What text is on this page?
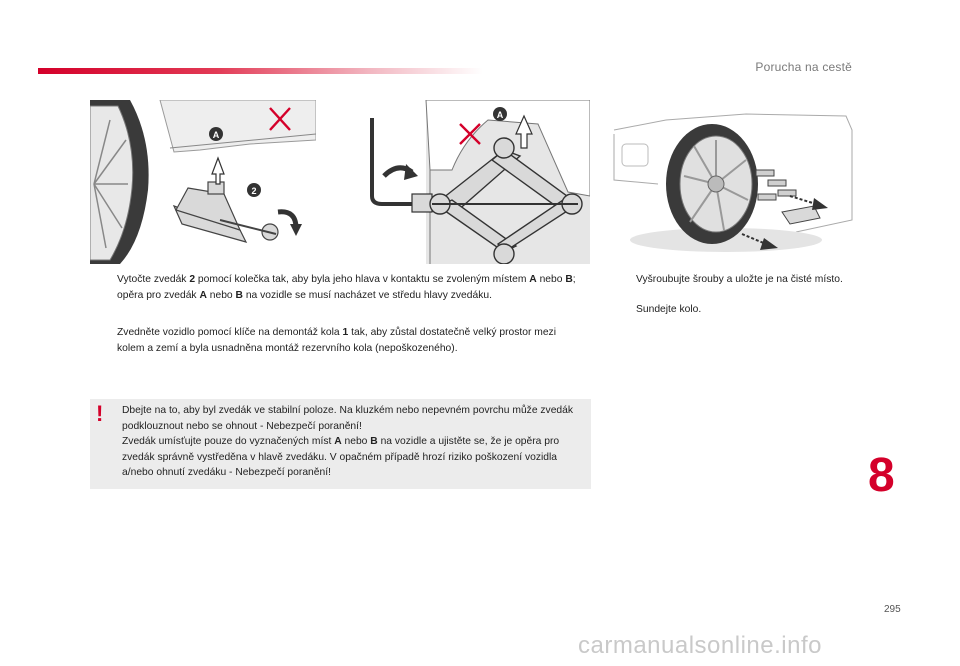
Porucha na cestě
A
2
A
Vytočte zvedák 2 pomocí kolečka tak, aby byla jeho hlava v kontaktu se zvoleným místem A nebo B; opěra pro zvedák A nebo B na vozidle se musí nacházet ve středu hlavy zvedáku.
Zvedněte vozidlo pomocí klíče na demontáž kola 1 tak, aby zůstal dostatečně velký prostor mezi kolem a zemí a byla usnadněna montáž rezervního kola (nepoškozeného).
Vyšroubujte šrouby a uložte je na čisté místo.
Sundejte kolo.
! Dbejte na to, aby byl zvedák ve stabilní poloze. Na kluzkém nebo nepevném povrchu může zvedák podklouznout nebo se ohnout - Nebezpečí poranění!
Zvedák umísťujte pouze do vyznačených míst A nebo B na vozidle a ujistěte se, že je opěra pro zvedák správně vystředěna v hlavě zvedáku. V opačném případě hrozí riziko poškození vozidla a/nebo ohnutí zvedáku - Nebezpečí poranění!	8
295
carmanualsonline.info
